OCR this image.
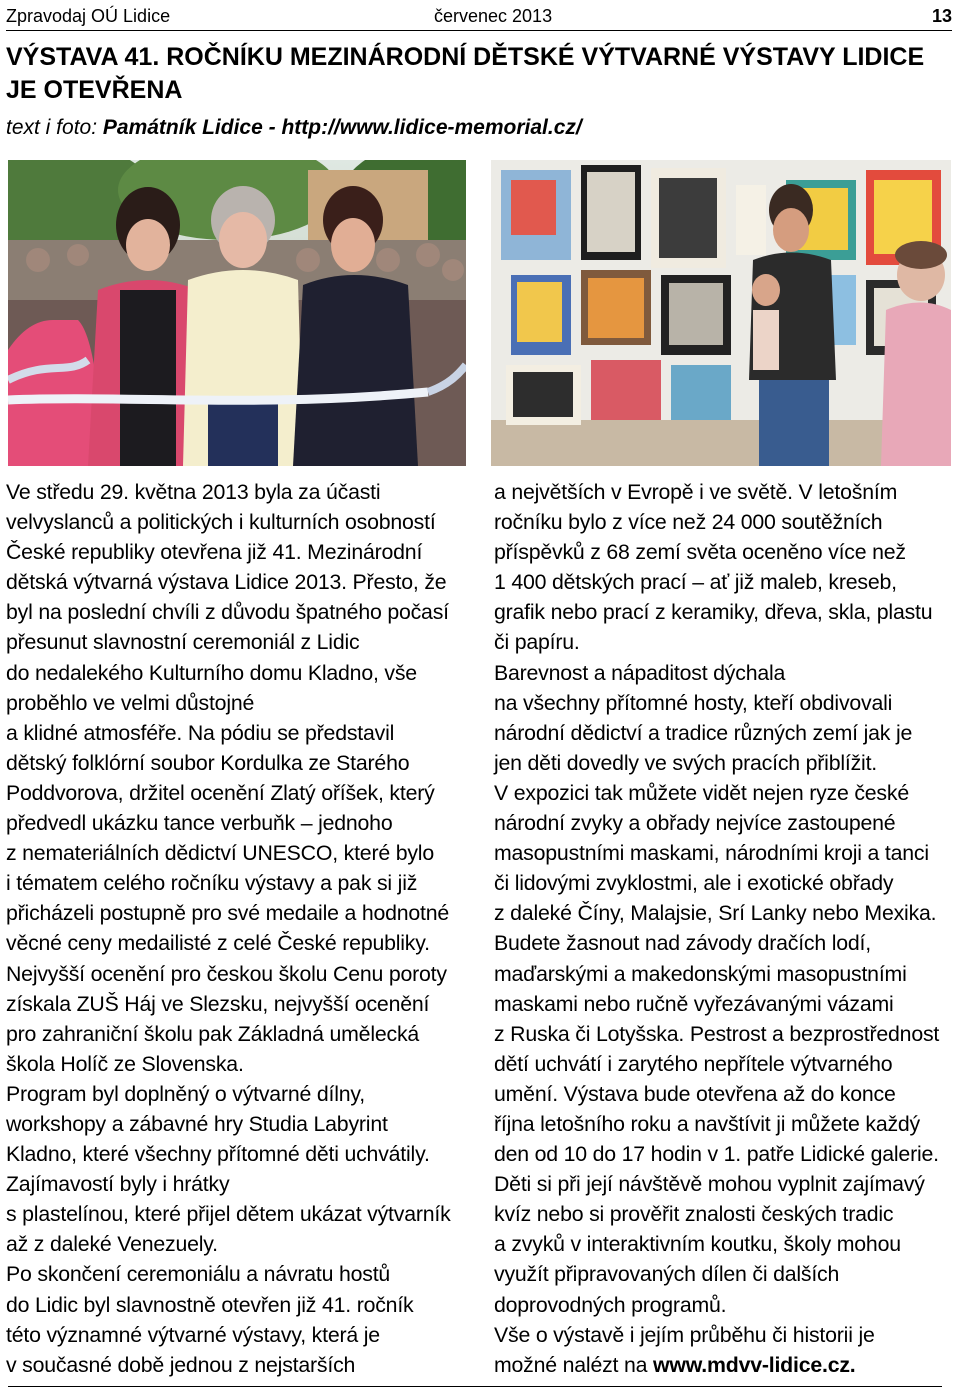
Zpravodaj OÚ Lidice	červenec 2013	13
VÝSTAVA 41. ROČNÍKU MEZINÁRODNÍ DĚTSKÉ VÝTVARNÉ VÝSTAVY LIDICE
JE OTEVŘENA
text i foto: Památník Lidice - http://www.lidice-memorial.cz/

Ve středu 29. května 2013 byla za účasti

velvyslanců a politických i kulturních osobností

České republiky otevřena již 41. Mezinárodní

dětská výtvarná výstava Lidice 2013. Přesto, že

byl na poslední chvíli z důvodu špatného počasí

přesunut slavnostní ceremoniál z Lidic

do nedalekého Kulturního domu Kladno, vše

proběhlo ve velmi důstojné

a klidné atmosféře. Na pódiu se představil

dětský folklórní soubor Kordulka ze Starého

Poddvorova, držitel ocenění Zlatý oříšek, který

předvedl ukázku tance verbuňk – jednoho

z nemateriálních dědictví UNESCO, které bylo

i tématem celého ročníku výstavy a pak si již

přicházeli postupně pro své medaile a hodnotné

věcné ceny medailisté z celé České republiky.

Nejvyšší ocenění pro českou školu Cenu poroty

získala ZUŠ Háj ve Slezsku, nejvyšší ocenění

pro zahraniční školu pak Základná umělecká

škola Holíč ze Slovenska.

Program byl doplněný o výtvarné dílny,

workshopy a zábavné hry Studia Labyrint

Kladno, které všechny přítomné děti uchvátily.

Zajímavostí byly i hrátky

s plastelínou, které přijel dětem ukázat výtvarník

až z daleké Venezuely.

Po skončení ceremoniálu a návratu hostů

do Lidic byl slavnostně otevřen již 41. ročník

této významné výtvarné výstavy, která je

v současné době jednou z nejstarších

a největších v Evropě i ve světě. V letošním

ročníku bylo z více než 24 000 soutěžních

příspěvků z 68 zemí světa oceněno více než

1 400 dětských prací – ať již maleb, kreseb,

grafik nebo prací z keramiky, dřeva, skla, plastu

či papíru.

Barevnost a nápaditost dýchala

na všechny přítomné hosty, kteří obdivovali

národní dědictví a tradice různých zemí jak je

jen děti dovedly ve svých pracích přiblížit.

V expozici tak můžete vidět nejen ryze české

národní zvyky a obřady nejvíce zastoupené

masopustními maskami, národními kroji a tanci

či lidovými zvyklostmi, ale i exotické obřady

z daleké Číny, Malajsie, Srí Lanky nebo Mexika.

Budete žasnout nad závody dračích lodí,

maďarskými a makedonskými masopustními

maskami nebo ručně vyřezávanými vázami

z Ruska či Lotyšska. Pestrost a bezprostřednost

dětí uchvátí i zarytého nepřítele výtvarného

umění. Výstava bude otevřena až do konce

října letošního roku a navštívit ji můžete každý

den od 10 do 17 hodin v 1. patře Lidické galerie.

Děti si při její návštěvě mohou vyplnit zajímavý

kvíz nebo si prověřit znalosti českých tradic

a zvyků v interaktivním koutku, školy mohou

využít připravovaných dílen či dalších

doprovodných programů.

Vše o výstavě i jejím průběhu či historii je

možné nalézt na www.mdvv-lidice.cz.
